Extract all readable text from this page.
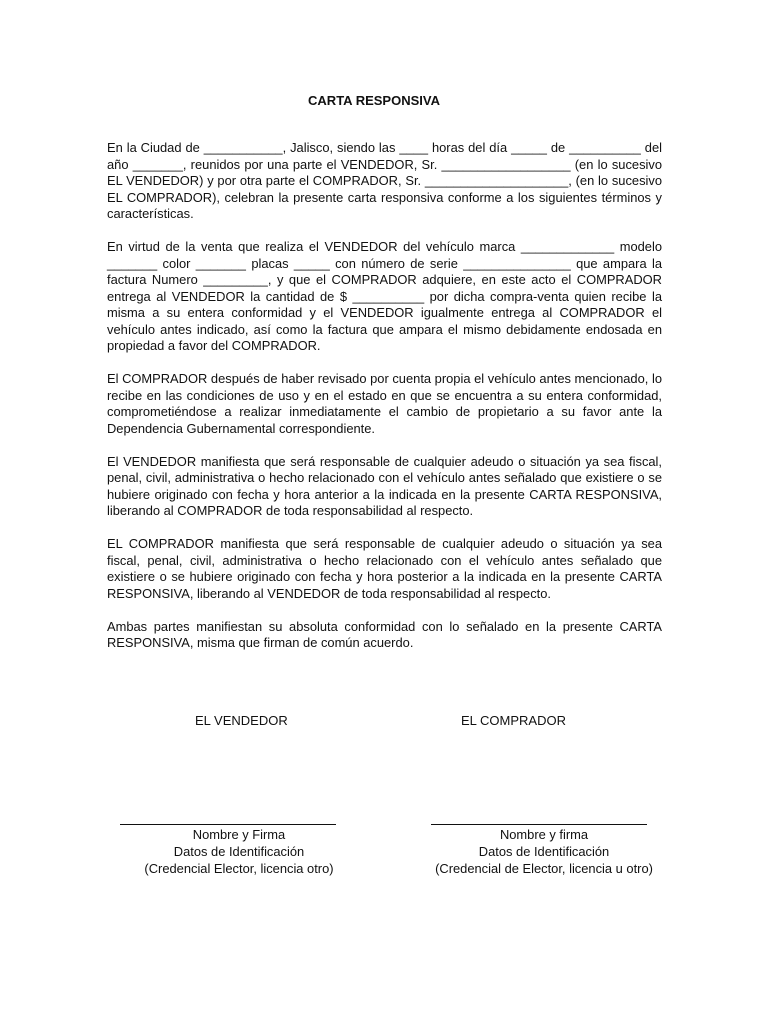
CARTA RESPONSIVA

En la Ciudad de ___________, Jalisco, siendo las ____ horas del día _____ de __________ del año _______, reunidos por una parte el VENDEDOR, Sr. __________________ (en lo sucesivo EL VENDEDOR) y por otra parte el COMPRADOR, Sr. ____________________, (en lo sucesivo EL COMPRADOR), celebran la presente carta responsiva conforme a los siguientes términos y características.

En virtud de la venta que realiza el VENDEDOR del vehículo marca _____________ modelo _______ color _______ placas _____ con número de serie _______________ que ampara la factura Numero _________, y que el COMPRADOR adquiere, en este acto el COMPRADOR entrega al VENDEDOR la cantidad de $ __________ por dicha compra-venta quien recibe la misma a su entera conformidad y el VENDEDOR igualmente entrega al COMPRADOR el vehículo antes indicado, así como la factura que ampara el mismo debidamente endosada en propiedad a favor del COMPRADOR.

El COMPRADOR después de haber revisado por cuenta propia el vehículo antes mencionado, lo recibe en las condiciones de uso y en el estado en que se encuentra a su entera conformidad, comprometiéndose a realizar inmediatamente el cambio de propietario a su favor ante la Dependencia Gubernamental correspondiente.

El VENDEDOR manifiesta que será responsable de cualquier adeudo o situación ya sea fiscal, penal, civil, administrativa o hecho relacionado con el vehículo antes señalado que existiere o se hubiere originado con fecha y hora anterior a la indicada en la presente CARTA RESPONSIVA, liberando al COMPRADOR de toda responsabilidad al respecto.

EL COMPRADOR manifiesta que será responsable de cualquier adeudo o situación ya sea fiscal, penal, civil, administrativa o hecho relacionado con el vehículo antes señalado que existiere o se hubiere originado con fecha y hora posterior a la indicada en la presente CARTA RESPONSIVA, liberando al VENDEDOR de toda responsabilidad al respecto.

Ambas partes manifiestan su absoluta conformidad con lo señalado en la presente CARTA RESPONSIVA, misma que firman de común acuerdo.

EL VENDEDOR	EL COMPRADOR
Nombre y Firma
Datos de Identificación
(Credencial Elector, licencia otro)
Nombre y firma
Datos de Identificación
(Credencial de Elector, licencia u otro)
